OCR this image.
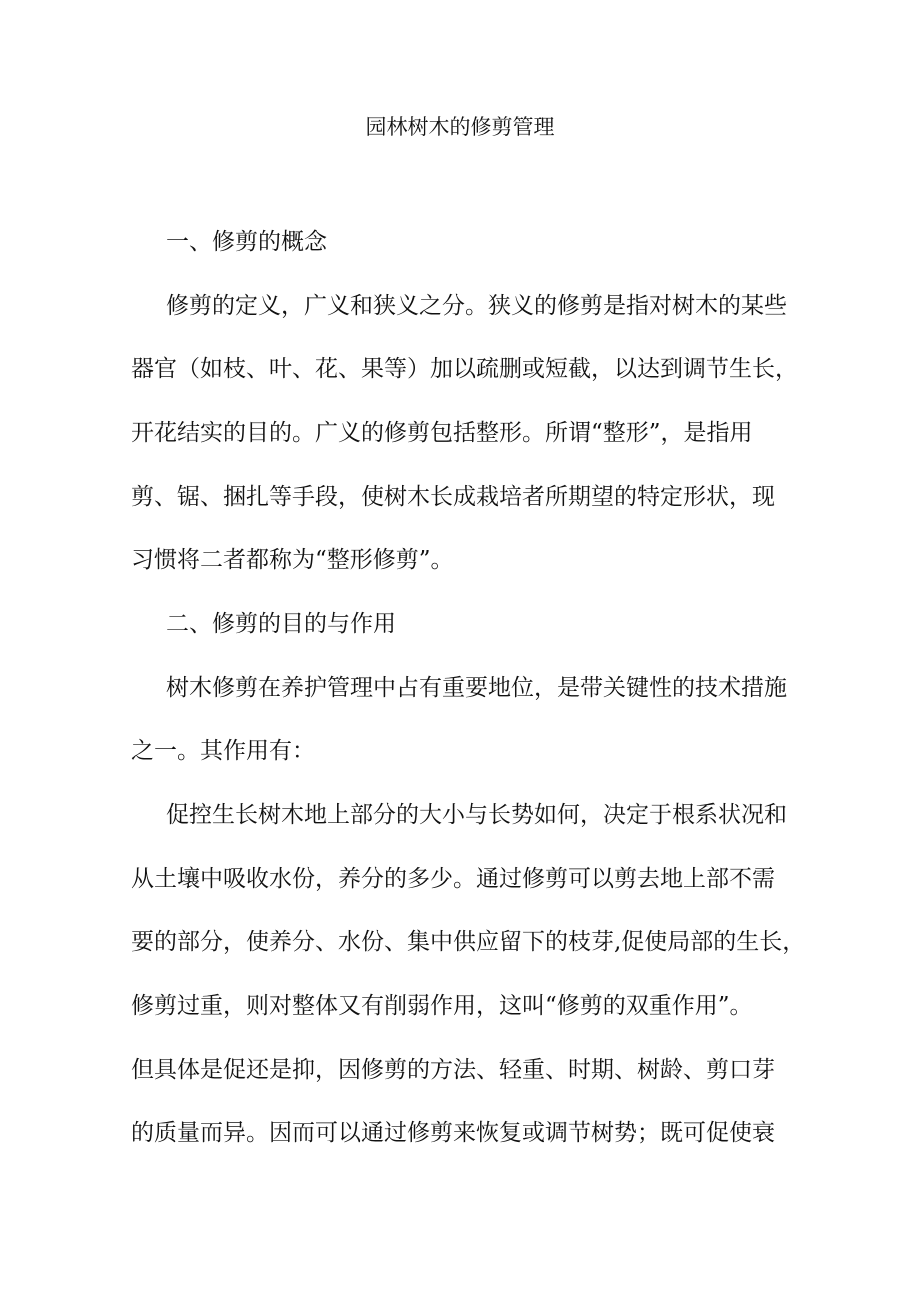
园林树木的修剪管理
一、修剪的概念
修剪的定义，广义和狭义之分。狭义的修剪是指对树木的某些
器官（如枝、叶、花、果等）加以疏删或短截，以达到调节生长，
开花结实的目的。广义的修剪包括整形。所谓“整形”，是指用
剪、锯、捆扎等手段，使树木长成栽培者所期望的特定形状，现
习惯将二者都称为“整形修剪”。
二、修剪的目的与作用
树木修剪在养护管理中占有重要地位，是带关键性的技术措施
之一。其作用有：
促控生长树木地上部分的大小与长势如何，决定于根系状况和
从土壤中吸收水份，养分的多少。通过修剪可以剪去地上部不需
要的部分，使养分、水份、集中供应留下的枝芽,促使局部的生长，
修剪过重，则对整体又有削弱作用，这叫“修剪的双重作用”。
但具体是促还是抑，因修剪的方法、轻重、时期、树龄、剪口芽
的质量而异。因而可以通过修剪来恢复或调节树势；既可促使衰
